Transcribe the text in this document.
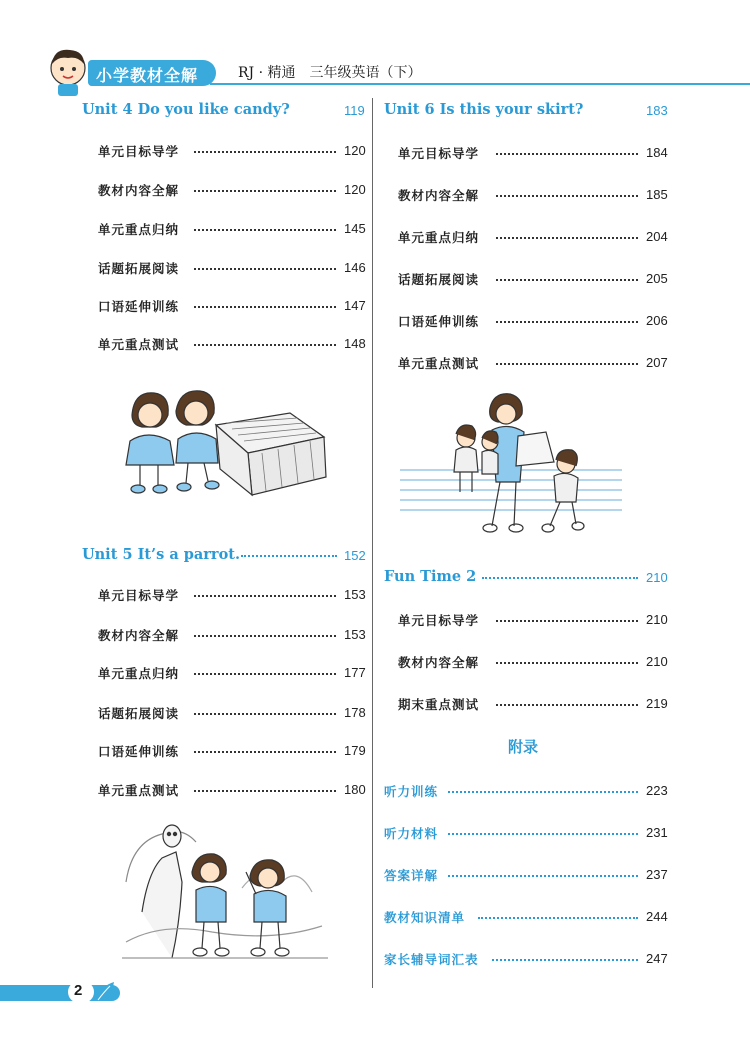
小学教材全解	RJ · 精通　三年级英语（下）
Unit 4 Do you like candy?	119
单元目标导学	120
教材内容全解	120
单元重点归纳	145
话题拓展阅读	146
口语延伸训练	147
单元重点测试	148
Unit 5 It’s a parrot.	152
单元目标导学	153
教材内容全解	153
单元重点归纳	177
话题拓展阅读	178
口语延伸训练	179
单元重点测试	180
Unit 6 Is this your skirt?	183
单元目标导学	184
教材内容全解	185
单元重点归纳	204
话题拓展阅读	205
口语延伸训练	206
单元重点测试	207
Fun Time 2	210
单元目标导学	210
教材内容全解	210
期末重点测试	219
附录
听力训练	223
听力材料	231
答案详解	237
教材知识清单	244
家长辅导词汇表	247
2
